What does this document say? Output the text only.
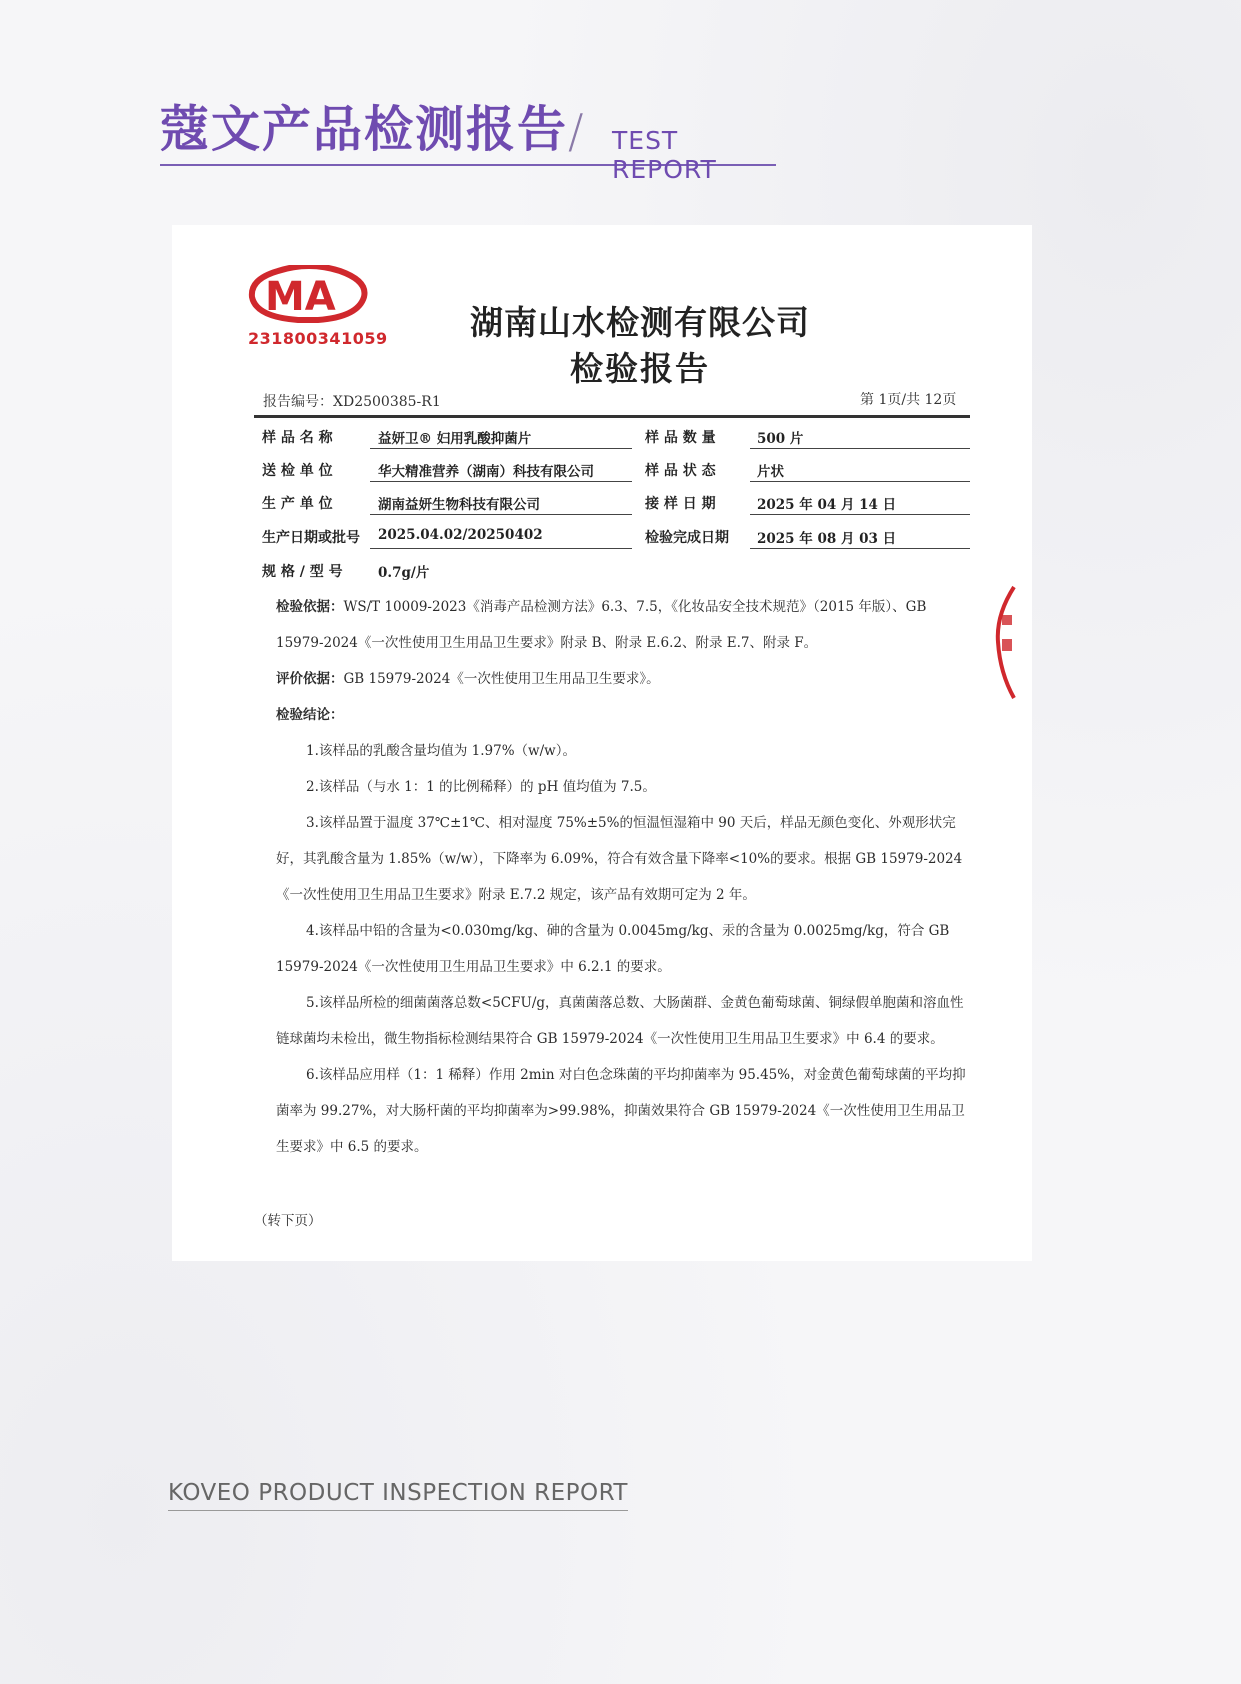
蔻文产品检测报告 / TEST REPORT
MA
231800341059	湖南山水检测有限公司
检验报告
报告编号：XD2500385-R1	第 1页/共 12页
样 品 名 称	益妍卫® 妇用乳酸抑菌片	样 品 数 量	500 片
送 检 单 位	华大精准营养（湖南）科技有限公司	样 品 状 态	片状
生 产 单 位	湖南益妍生物科技有限公司	接 样 日 期	2025 年 04 月 14 日
生产日期或批号 2025.04.02/20250402	检验完成日期 2025 年 08 月 03 日
规 格 / 型 号	0.7g/片

检验依据：WS/T 10009-2023《消毒产品检测方法》6.3、7.5，《化妆品安全技术规范》（2015 年版）、GB 15979-2024《一次性使用卫生用品卫生要求》附录 B、附录 E.6.2、附录 E.7、附录 F。

评价依据：GB 15979-2024《一次性使用卫生用品卫生要求》。

检验结论：

1.该样品的乳酸含量均值为 1.97%（w/w）。

2.该样品（与水 1：1 的比例稀释）的 pH 值均值为 7.5。

3.该样品置于温度 37℃±1℃、相对湿度 75%±5%的恒温恒湿箱中 90 天后，样品无颜色变化、外观形状完好，其乳酸含量为 1.85%（w/w），下降率为 6.09%，符合有效含量下降率<10%的要求。根据 GB 15979-2024《一次性使用卫生用品卫生要求》附录 E.7.2 规定，该产品有效期可定为 2 年。

4.该样品中铅的含量为<0.030mg/kg、砷的含量为 0.0045mg/kg、汞的含量为 0.0025mg/kg，符合 GB 15979-2024《一次性使用卫生用品卫生要求》中 6.2.1 的要求。

5.该样品所检的细菌菌落总数<5CFU/g，真菌菌落总数、大肠菌群、金黄色葡萄球菌、铜绿假单胞菌和溶血性链球菌均未检出，微生物指标检测结果符合 GB 15979-2024《一次性使用卫生用品卫生要求》中 6.4 的要求。

6.该样品应用样（1：1 稀释）作用 2min 对白色念珠菌的平均抑菌率为 95.45%，对金黄色葡萄球菌的平均抑菌率为 99.27%，对大肠杆菌的平均抑菌率为>99.98%，抑菌效果符合 GB 15979-2024《一次性使用卫生用品卫生要求》中 6.5 的要求。

（转下页）
KOVEO PRODUCT INSPECTION REPORT
